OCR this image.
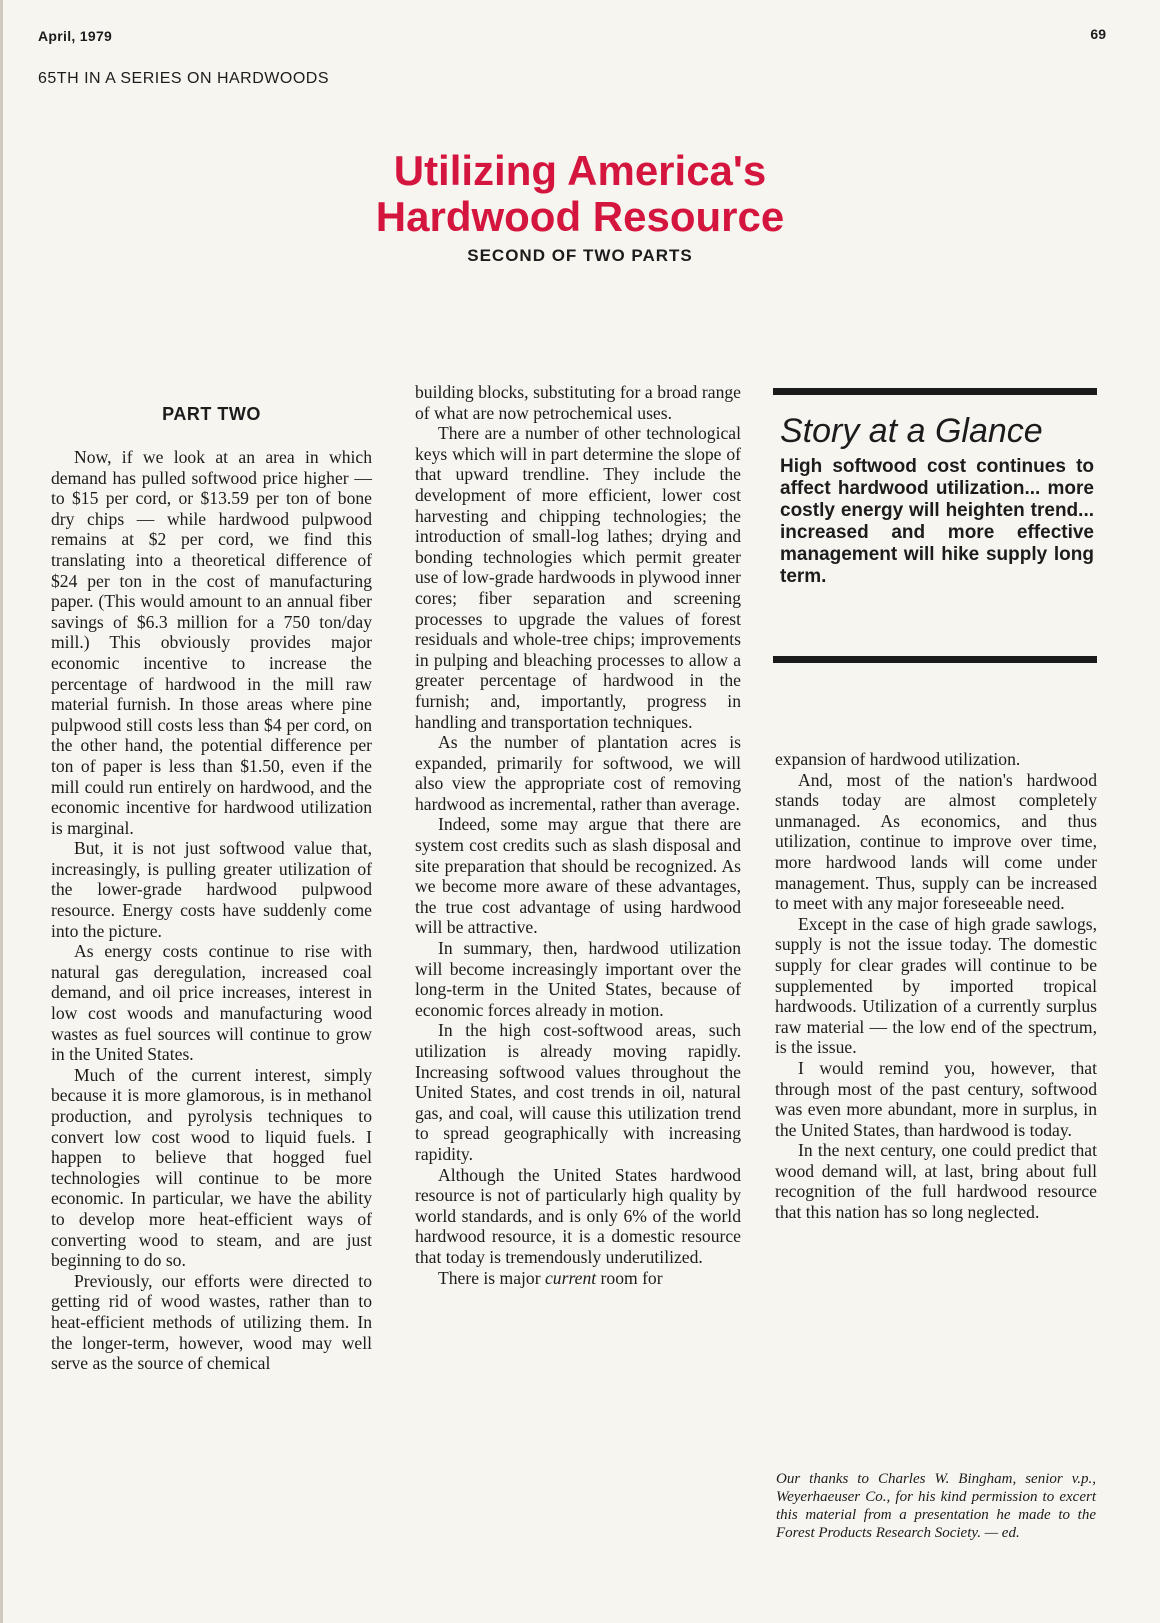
April, 1979	69
65TH IN A SERIES ON HARDWOODS
Utilizing America's
Hardwood Resource
SECOND OF TWO PARTS
PART TWO

Now, if we look at an area in which demand has pulled softwood price higher — to $15 per cord, or $13.59 per ton of bone dry chips — while hardwood pulpwood remains at $2 per cord, we find this translating into a theoretical difference of $24 per ton in the cost of manufacturing paper. (This would amount to an annual fiber savings of $6.3 million for a 750 ton/day mill.) This obviously provides major economic incentive to increase the percentage of hardwood in the mill raw material furnish. In those areas where pine pulpwood still costs less than $4 per cord, on the other hand, the potential difference per ton of paper is less than $1.50, even if the mill could run entirely on hardwood, and the economic incentive for hardwood utilization is marginal.

But, it is not just softwood value that, increasingly, is pulling greater utilization of the lower-grade hardwood pulpwood resource. Energy costs have suddenly come into the picture.

As energy costs continue to rise with natural gas deregulation, increased coal demand, and oil price increases, interest in low cost woods and manufacturing wood wastes as fuel sources will continue to grow in the United States.

Much of the current interest, simply because it is more glamorous, is in methanol production, and pyrolysis techniques to convert low cost wood to liquid fuels. I happen to believe that hogged fuel technologies will continue to be more economic. In particular, we have the ability to develop more heat-efficient ways of converting wood to steam, and are just beginning to do so.

Previously, our efforts were directed to getting rid of wood wastes, rather than to heat-efficient methods of utilizing them. In the longer-term, however, wood may well serve as the source of chemical

building blocks, substituting for a broad range of what are now petrochemical uses.

There are a number of other technological keys which will in part determine the slope of that upward trendline. They include the development of more efficient, lower cost harvesting and chipping technologies; the introduction of small-log lathes; drying and bonding technologies which permit greater use of low-grade hardwoods in plywood inner cores; fiber separation and screening processes to upgrade the values of forest residuals and whole-tree chips; improvements in pulping and bleaching processes to allow a greater percentage of hardwood in the furnish; and, importantly, progress in handling and transportation techniques.

As the number of plantation acres is expanded, primarily for softwood, we will also view the appropriate cost of removing hardwood as incremental, rather than average.

Indeed, some may argue that there are system cost credits such as slash disposal and site preparation that should be recognized. As we become more aware of these advantages, the true cost advantage of using hardwood will be attractive.

In summary, then, hardwood utilization will become increasingly important over the long-term in the United States, because of economic forces already in motion.

In the high cost-softwood areas, such utilization is already moving rapidly. Increasing softwood values throughout the United States, and cost trends in oil, natural gas, and coal, will cause this utilization trend to spread geographically with increasing rapidity.

Although the United States hardwood resource is not of particularly high quality by world standards, and is only 6% of the world hardwood resource, it is a domestic resource that today is tremendously underutilized.

There is major current room for

Story at a Glance
High softwood cost continues to affect hardwood utilization... more costly energy will heighten trend... increased and more effective management will hike supply long term.

expansion of hardwood utilization.

And, most of the nation's hardwood stands today are almost completely unmanaged. As economics, and thus utilization, continue to improve over time, more hardwood lands will come under management. Thus, supply can be increased to meet with any major foreseeable need.

Except in the case of high grade sawlogs, supply is not the issue today. The domestic supply for clear grades will continue to be supplemented by imported tropical hardwoods. Utilization of a currently surplus raw material — the low end of the spectrum, is the issue.

I would remind you, however, that through most of the past century, softwood was even more abundant, more in surplus, in the United States, than hardwood is today.

In the next century, one could predict that wood demand will, at last, bring about full recognition of the full hardwood resource that this nation has so long neglected.

Our thanks to Charles W. Bingham, senior v.p., Weyerhaeuser Co., for his kind permission to excert this material from a presentation he made to the Forest Products Research Society. — ed.
